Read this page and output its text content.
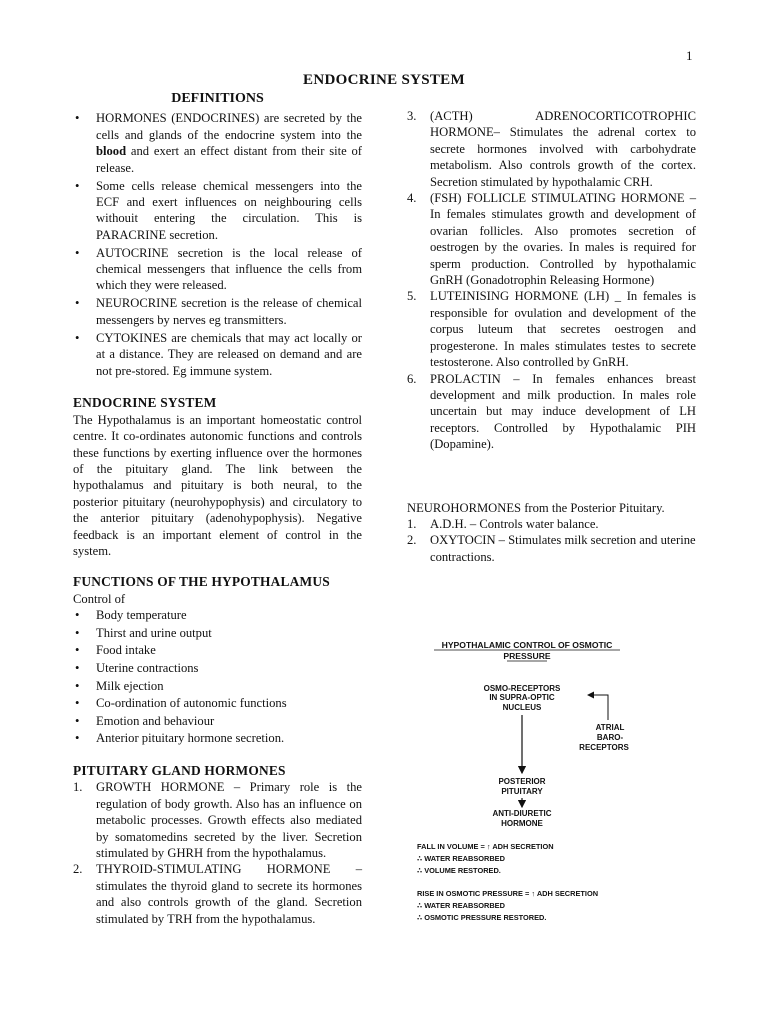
1
ENDOCRINE SYSTEM
DEFINITIONS
• HORMONES (ENDOCRINES) are secreted by the cells and glands of the endocrine system into the blood and exert an effect distant from their site of release.
• Some cells release chemical messengers into the ECF and exert influences on neighbouring cells withouit entering the circulation. This is PARACRINE secretion.
• AUTOCRINE secretion is the local release of chemical messengers that influence the cells from which they were released.
• NEUROCRINE secretion is the release of chemical messengers by nerves eg transmitters.
• CYTOKINES are chemicals that may act locally or at a distance. They are released on demand and are not pre-stored. Eg immune system.
ENDOCRINE SYSTEM

The Hypothalamus is an important homeostatic control centre. It co-ordinates autonomic functions and controls these functions by exerting influence over the hormones of the pituitary gland. The link between the hypothalamus and pituitary is both neural, to the posterior pituitary (neurohypophysis) and circulatory to the anterior pituitary (adenohypophysis). Negative feedback is an important element of control in the system.

FUNCTIONS OF THE HYPOTHALAMUS
Control of
• Body temperature
• Thirst and urine output
• Food intake
• Uterine contractions
• Milk ejection
• Co-ordination of autonomic functions
• Emotion and behaviour
• Anterior pituitary hormone secretion.
PITUITARY GLAND HORMONES
1. GROWTH HORMONE – Primary role is the regulation of body growth. Also has an influence on metabolic processes. Growth effects also mediated by somatomedins secreted by the liver. Secretion stimulated by GHRH from the hypothalamus.
2. THYROID-STIMULATING HORMONE – stimulates the thyroid gland to secrete its hormones and also controls growth of the gland. Secretion stimulated by TRH from the hypothalamus.
3. (ACTH) ADRENOCORTICOTROPHIC HORMONE– Stimulates the adrenal cortex to secrete hormones involved with carbohydrate metabolism. Also controls growth of the cortex. Secretion stimulated by hypothalamic CRH.
4. (FSH) FOLLICLE STIMULATING HORMONE – In females stimulates growth and development of ovarian follicles. Also promotes secretion of oestrogen by the ovaries. In males is required for sperm production. Controlled by hypothalamic GnRH (Gonadotrophin Releasing Hormone)
5. LUTEINISING HORMONE (LH) _ In females is responsible for ovulation and development of the corpus luteum that secretes oestrogen and progesterone. In males stimulates testes to secrete testosterone. Also controlled by GnRH.
6. PROLACTIN – In females enhances breast development and milk production. In males role uncertain but may induce development of LH receptors. Controlled by Hypothalamic PIH (Dopamine).

NEUROHORMONES from the Posterior Pituitary.

1. A.D.H. – Controls water balance.
2. OXYTOCIN – Stimulates milk secretion and uterine contractions.
HYPOTHALAMIC CONTROL OF OSMOTIC
PRESSURE
OSMO-RECEPTORS
IN SUPRA-OPTIC
NUCLEUS
ATRIAL
BARO-
RECEPTORS
POSTERIOR
PITUITARY
ANTI-DIURETIC
HORMONE
FALL IN VOLUME = ↑ ADH SECRETION
∴ WATER REABSORBED
∴ VOLUME RESTORED.
RISE IN OSMOTIC PRESSURE = ↑ ADH SECRETION
∴ WATER REABSORBED
∴ OSMOTIC PRESSURE RESTORED.
